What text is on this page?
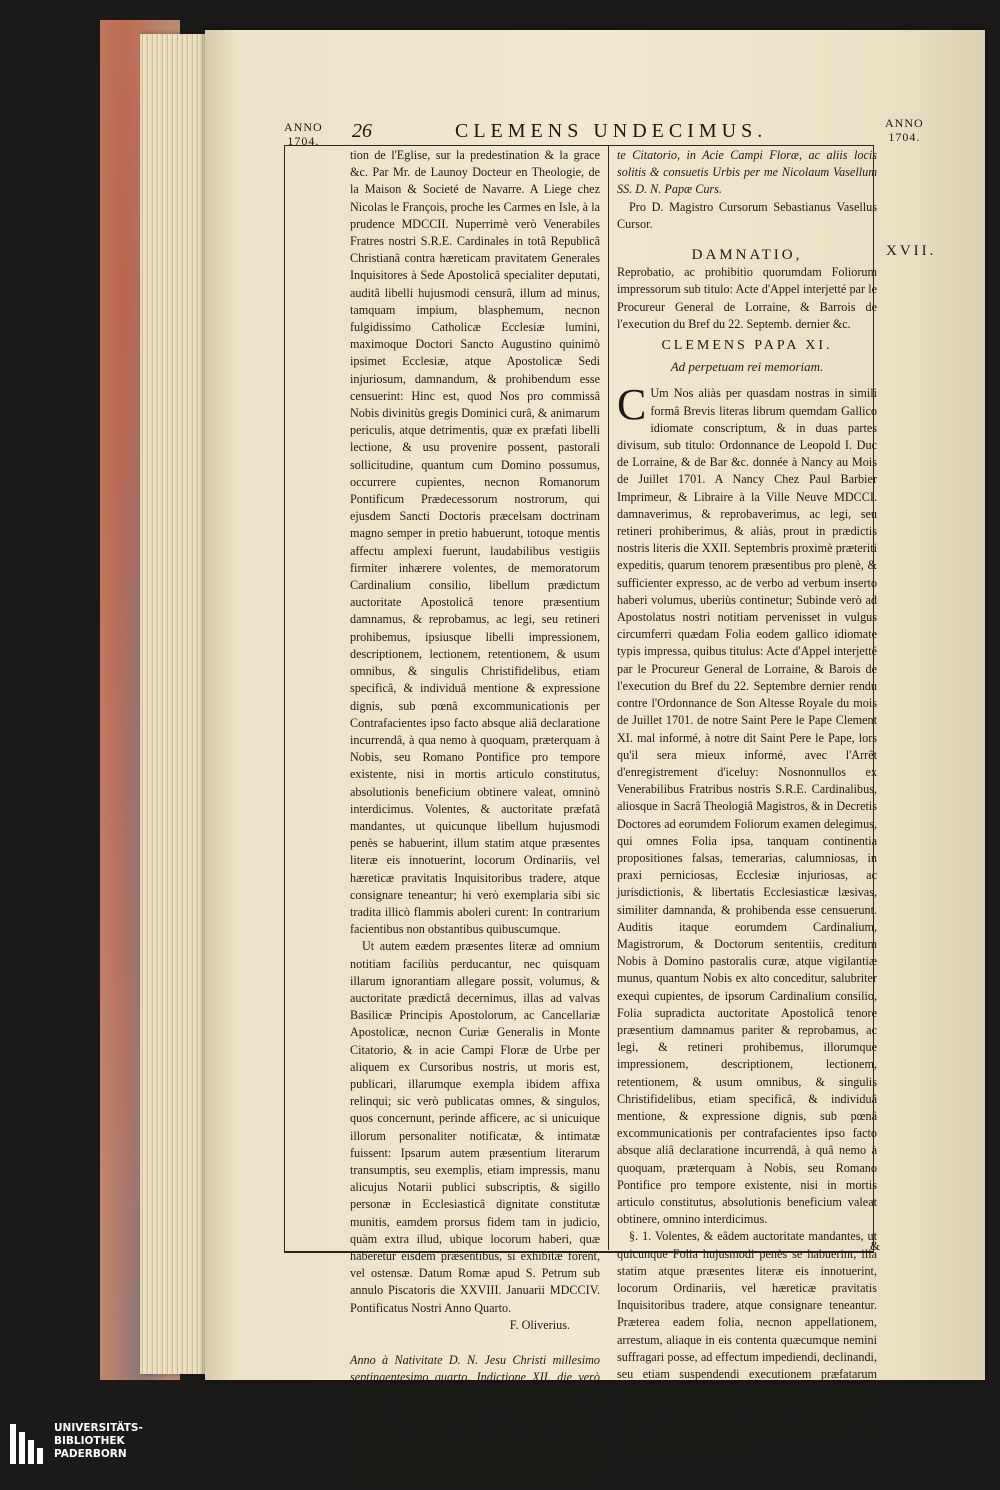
ANNO
1704. 26	CLEMENS UNDECIMUS.	ANNO
1704.
XVII.

tion de l'Eglise, sur la predestination & la grace &c. Par Mr. de Launoy Docteur en Theologie, de la Maison & Societé de Navarre. A Liege chez Nicolas le François, proche les Carmes en Isle, à la prudence MDCCII. Nuperrimè verò Venerabiles Fratres nostri S.R.E. Cardinales in totâ Republicâ Christianâ contra hæreticam pravitatem Generales Inquisitores à Sede Apostolicâ specialiter deputati, auditâ libelli hujusmodi censurâ, illum ad minus, tamquam impium, blasphemum, necnon fulgidissimo Catholicæ Ecclesiæ lumini, maximoque Doctori Sancto Augustino quinimò ipsimet Ecclesiæ, atque Apostolicæ Sedi injuriosum, damnandum, & prohibendum esse censuerint: Hinc est, quod Nos pro commissâ Nobis divinitùs gregis Dominici curâ, & animarum periculis, atque detrimentis, quæ ex præfati libelli lectione, & usu provenire possent, pastorali sollicitudine, quantum cum Domino possumus, occurrere cupientes, necnon Romanorum Pontificum Prædecessorum nostrorum, qui ejusdem Sancti Doctoris præcelsam doctrinam magno semper in pretio habuerunt, totoque mentis affectu amplexi fuerunt, laudabilibus vestigiis firmiter inhærere volentes, de memoratorum Cardinalium consilio, libellum prædictum auctoritate Apostolicâ tenore præsentium damnamus, & reprobamus, ac legi, seu retineri prohibemus, ipsiusque libelli impressionem, descriptionem, lectionem, retentionem, & usum omnibus, & singulis Christifidelibus, etiam specificâ, & individuâ mentione & expressione dignis, sub pœnâ excommunicationis per Contrafacientes ipso facto absque aliâ declaratione incurrendâ, à qua nemo à quoquam, præterquam à Nobis, seu Romano Pontifice pro tempore existente, nisi in mortis articulo constitutus, absolutionis beneficium obtinere valeat, omninò interdicimus. Volentes, & auctoritate præfatâ mandantes, ut quicunque libellum hujusmodi penès se habuerint, illum statim atque præsentes literæ eis innotuerint, locorum Ordinariis, vel hæreticæ pravitatis Inquisitoribus tradere, atque consignare teneantur; hi verò exemplaria sibi sic tradita illicò flammis aboleri curent: In contrarium facientibus non obstantibus quibuscumque.

Ut autem eædem præsentes literæ ad omnium notitiam faciliùs perducantur, nec quisquam illarum ignorantiam allegare possit, volumus, & auctoritate prædictâ decernimus, illas ad valvas Basilicæ Principis Apostolorum, ac Cancellariæ Apostolicæ, necnon Curiæ Generalis in Monte Citatorio, & in acie Campi Floræ de Urbe per aliquem ex Cursoribus nostris, ut moris est, publicari, illarumque exempla ibidem affixa relinqui; sic verò publicatas omnes, & singulos, quos concernunt, perinde afficere, ac si unicuique illorum personaliter notificatæ, & intimatæ fuissent: Ipsarum autem præsentium literarum transumptis, seu exemplis, etiam impressis, manu alicujus Notarii publici subscriptis, & sigillo personæ in Ecclesiasticâ dignitate constitutæ munitis, eamdem prorsus fidem tam in judicio, quàm extra illud, ubique locorum haberi, quæ haberetur eisdem præsentibus, si exhibitæ forent, vel ostensæ. Datum Romæ apud S. Petrum sub annulo Piscatoris die XXVIII. Januarii MDCCIV. Pontificatus Nostri Anno Quarto.

F. Oliverius.

Anno à Nativitate D. N. Jesu Christi millesimo septingentesimo quarto, Indictione XII. die verò XXVIII. Januarii, Pontificatus autem Sanctiss. in Christo Patris, & D. N. D. Clementis Divina Providentia Papæ XI. anno ejus quarto, supradictæ literæ Apostolicæ affixæ, & publicatæ fuerunt ad valvas Basilicæ Principis Apostolorum, Cancellariæ Apostolicæ, Curiæ Generalis in Mon-

te Citatorio, in Acie Campi Floræ, ac aliis locis solitis & consuetis Urbis per me Nicolaum Vasellum SS. D. N. Papæ Curs.

Pro D. Magistro Cursorum Sebastianus Vasellus Cursor.

DAMNATIO,

Reprobatio, ac prohibitio quorumdam Foliorum impressorum sub titulo: Acte d'Appel interjetté par le Procureur General de Lorraine, & Barrois de l'execution du Bref du 22. Septemb. dernier &c.

CLEMENS PAPA XI.

Ad perpetuam rei memoriam.

C Um Nos aliàs per quasdam nostras in simili formâ Brevis literas librum quemdam Gallico idiomate conscriptum, & in duas partes divisum, sub titulo: Ordonnance de Leopold I. Duc de Lorraine, & de Bar &c. donnée à Nancy au Mois de Juillet 1701. A Nancy Chez Paul Barbier Imprimeur, & Libraire à la Ville Neuve MDCCI. damnaverimus, & reprobaverimus, ac legi, seu retineri prohiberimus, & aliàs, prout in prædictis nostris literis die XXII. Septembris proximè præteriti expeditis, quarum tenorem præsentibus pro plenè, & sufficienter expresso, ac de verbo ad verbum inserto haberi volumus, uberiùs continetur; Subinde verò ad Apostolatus nostri notitiam pervenisset in vulgus circumferri quædam Folia eodem gallico idiomate typis impressa, quibus titulus: Acte d'Appel interjetté par le Procureur General de Lorraine, & Barois de l'execution du Bref du 22. Septembre dernier rendu contre l'Ordonnance de Son Altesse Royale du mois de Juillet 1701. de notre Saint Pere le Pape Clement XI. mal informé, à notre dit Saint Pere le Pape, lors qu'il sera mieux informé, avec l'Arrêt d'enregistrement d'iceluy: Nosnonnullos ex Venerabilibus Fratribus nostris S.R.E. Cardinalibus, aliosque in Sacrâ Theologiâ Magistros, & in Decretis Doctores ad eorumdem Foliorum examen delegimus, qui omnes Folia ipsa, tanquam continentia propositiones falsas, temerarias, calumniosas, in praxi perniciosas, Ecclesiæ injuriosas, ac jurisdictionis, & libertatis Ecclesiasticæ læsivas, similiter damnanda, & prohibenda esse censuerunt. Auditis itaque eorumdem Cardinalium, Magistrorum, & Doctorum sententiis, creditum Nobis à Domino pastoralis curæ, atque vigilantiæ munus, quantum Nobis ex alto conceditur, salubriter exequi cupientes, de ipsorum Cardinalium consilio, Folia supradicta auctoritate Apostolicâ tenore præsentium damnamus pariter & reprobamus, ac legi, & retineri prohibemus, illorumque impressionem, descriptionem, lectionem, retentionem, & usum omnibus, & singulis Christifidelibus, etiam specificâ, & individuâ mentione, & expressione dignis, sub pœnâ excommunicationis per contrafacientes ipso facto absque aliâ declaratione incurrendâ, à quâ nemo à quoquam, præterquam à Nobis, seu Romano Pontifice pro tempore existente, nisi in mortis articulo constitutus, absolutionis beneficium valeat obtinere, omnino interdicimus.

§. 1. Volentes, & eâdem auctoritate mandantes, ut quicunque Folia hujusmodi penès se habuerint, illa statim atque præsentes literæ eis innotuerint, locorum Ordinariis, vel hæreticæ pravitatis Inquisitoribus tradere, atque consignare teneantur. Præterea eadem folia, necnon appellationem, arrestum, aliaque in eis contenta quæcumque nemini suffragari posse, ad effectum impediendi, declinandi, seu etiam suspendendi executionem præfatarum nostrarum literarum, quarum juxta earum formam, & tenorem servari omninò debeant, auctoritate, & tenore prædictis decernimus, & declaramus. Non obstantibus constitutionibus,

&
UNIVERSITÄTS-
BIBLIOTHEK
PADERBORN
